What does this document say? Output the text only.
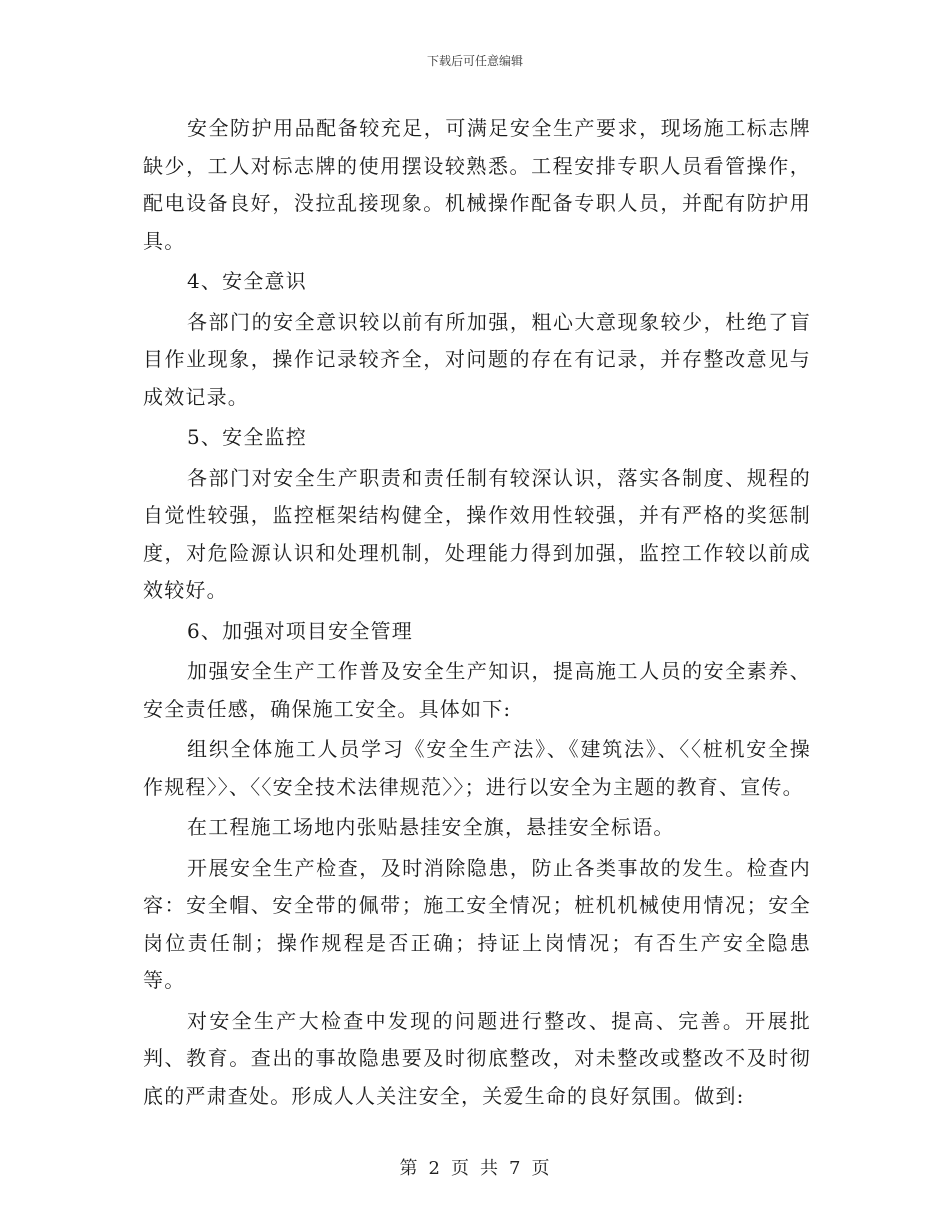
下载后可任意编辑

安全防护用品配备较充足，可满足安全生产要求，现场施工标志牌缺少，工人对标志牌的使用摆设较熟悉。工程安排专职人员看管操作，配电设备良好，没拉乱接现象。机械操作配备专职人员，并配有防护用具。

4、安全意识

各部门的安全意识较以前有所加强，粗心大意现象较少，杜绝了盲目作业现象，操作记录较齐全，对问题的存在有记录，并存整改意见与成效记录。

5、安全监控

各部门对安全生产职责和责任制有较深认识，落实各制度、规程的自觉性较强，监控框架结构健全，操作效用性较强，并有严格的奖惩制度，对危险源认识和处理机制，处理能力得到加强，监控工作较以前成效较好。

6、加强对项目安全管理

加强安全生产工作普及安全生产知识，提高施工人员的安全素养、安全责任感，确保施工安全。具体如下:

组织全体施工人员学习《安全生产法》、《建筑法》、〈〈桩机安全操作规程〉〉、〈〈安全技术法律规范〉〉；进行以安全为主题的教育、宣传。

在工程施工场地内张贴悬挂安全旗，悬挂安全标语。

开展安全生产检查，及时消除隐患，防止各类事故的发生。检查内容：安全帽、安全带的佩带；施工安全情况；桩机机械使用情况；安全岗位责任制；操作规程是否正确；持证上岗情况；有否生产安全隐患等。

对安全生产大检查中发现的问题进行整改、提高、完善。开展批判、教育。查出的事故隐患要及时彻底整改，对未整改或整改不及时彻底的严肃查处。形成人人关注安全，关爱生命的良好氛围。做到:

第 2 页 共 7 页
